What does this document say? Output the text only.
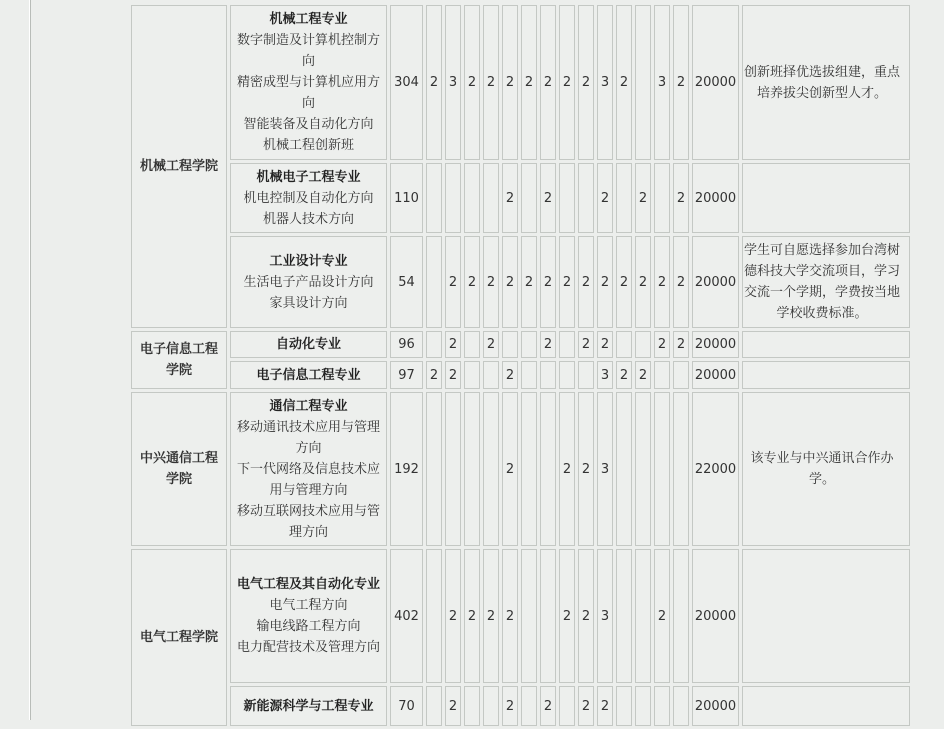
机械工程学院	机械工程专业
数字制造及计算机控制方向
精密成型与计算机应用方向
智能装备及自动化方向
机械工程创新班	304	2	3	2	2	2	2	2	2	2	3	2		3	2	20000	创新班择优选拔组建，重点培养拔尖创新型人才。

	机械电子工程专业
机电控制及自动化方向
机器人技术方向	110					2		2			2		2		2	20000	

	工业设计专业
生活电子产品设计方向
家具设计方向	54		2	2	2	2	2	2	2	2	2	2	2	2	2	20000	学生可自愿选择参加台湾树德科技大学交流项目，学习交流一个学期，学费按当地学校收费标准。

电子信息工程学院	自动化专业	96		2		2			2		2	2			2	2	20000	

	电子信息工程专业	97	2	2			2					3	2	2			20000	

中兴通信工程学院	通信工程专业
移动通讯技术应用与管理方向
下一代网络及信息技术应用与管理方向
移动互联网技术应用与管理方向	192					2			2	2	3					22000	该专业与中兴通讯合作办学。

电气工程学院	电气工程及其自动化专业
电气工程方向
输电线路工程方向
电力配营技术及管理方向	402		2	2	2	2			2	2	3			2		20000	

	新能源科学与工程专业	70		2			2		2		2	2					20000	
